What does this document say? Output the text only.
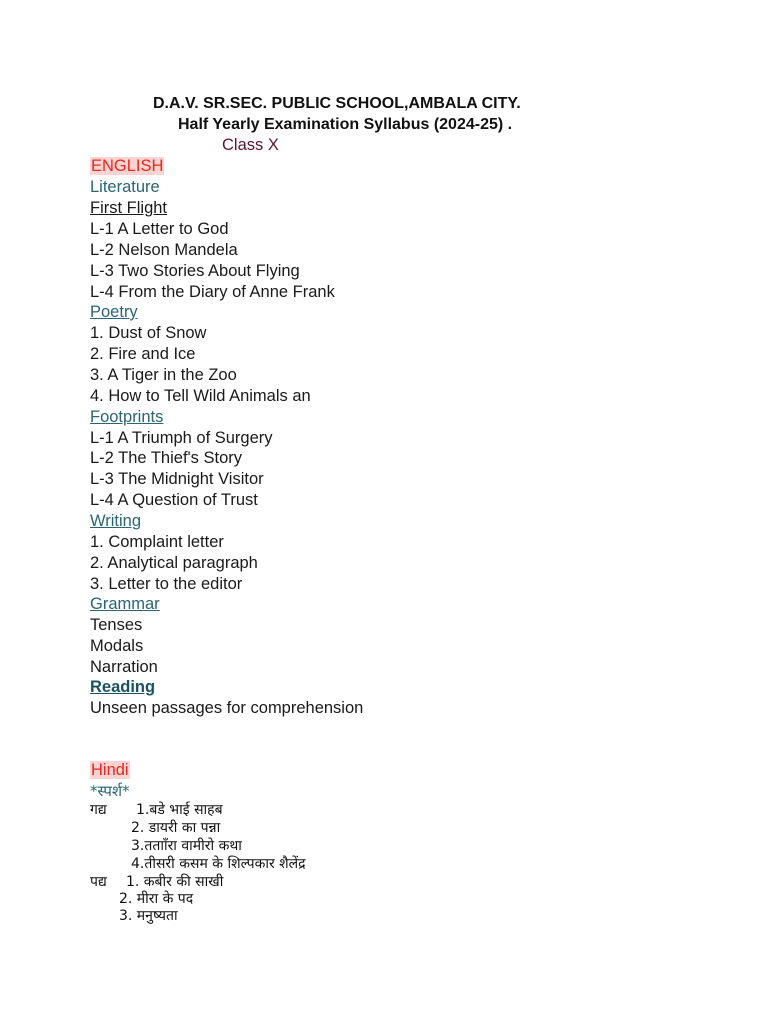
D.A.V. SR.SEC. PUBLIC SCHOOL,AMBALA CITY.
Half Yearly Examination Syllabus (2024-25) .
Class X
ENGLISH
Literature
First Flight
L-1 A Letter to God
L-2 Nelson Mandela
L-3 Two Stories About Flying
L-4 From the Diary of Anne Frank
Poetry
1. Dust of Snow
2. Fire and Ice
3. A Tiger in the Zoo
4. How to Tell Wild Animals an
Footprints
L-1 A Triumph of Surgery
L-2 The Thief's Story
L-3 The Midnight Visitor
L-4 A Question of Trust
Writing
1. Complaint letter
2. Analytical paragraph
3. Letter to the editor
Grammar
Tenses
Modals
Narration
Reading
Unseen passages for comprehension
Hindi
*स्पर्श*
गद्य 1.बडे भाई साहब
2. डायरी का पन्ना
3.ततााँरा वामीरो कथा
4.तीसरी कसम के शिल्पकार शैलेंद्र
पद्य 1. कबीर की साखी
2. मीरा के पद
3. मनुष्यता
